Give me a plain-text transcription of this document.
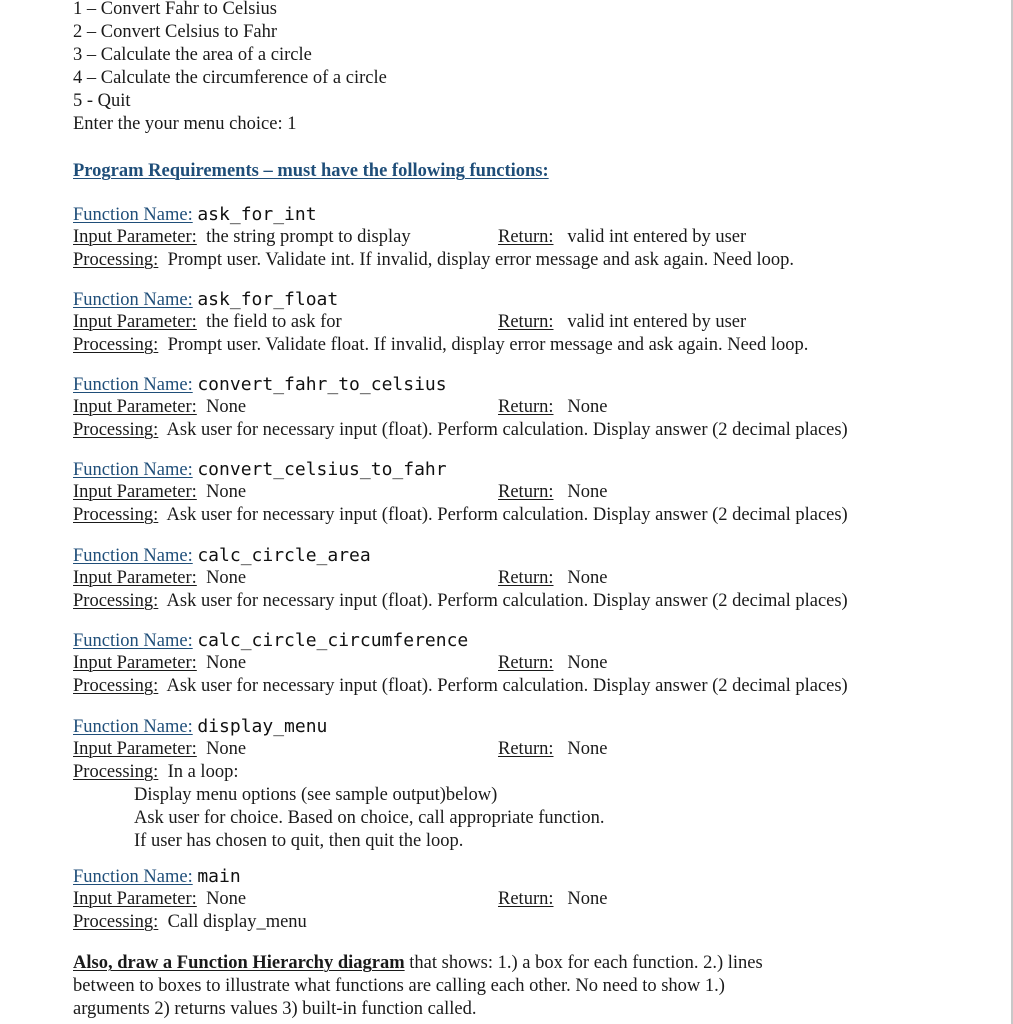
1 – Convert Fahr to Celsius
2 – Convert Celsius to Fahr
3 – Calculate the area of a circle
4 – Calculate the circumference of a circle
5 - Quit
Enter the your menu choice: 1
Program Requirements – must have the following functions:
Function Name: ask_for_int
Input Parameter: the string prompt to display	Return: valid int entered by user
Processing: Prompt user. Validate int. If invalid, display error message and ask again. Need loop.
Function Name: ask_for_float
Input Parameter: the field to ask for	Return: valid int entered by user
Processing: Prompt user. Validate float. If invalid, display error message and ask again. Need loop.
Function Name: convert_fahr_to_celsius
Input Parameter: None	Return: None
Processing: Ask user for necessary input (float). Perform calculation. Display answer (2 decimal places)
Function Name: convert_celsius_to_fahr
Input Parameter: None	Return: None
Processing: Ask user for necessary input (float). Perform calculation. Display answer (2 decimal places)
Function Name: calc_circle_area
Input Parameter: None	Return: None
Processing: Ask user for necessary input (float). Perform calculation. Display answer (2 decimal places)
Function Name: calc_circle_circumference
Input Parameter: None	Return: None
Processing: Ask user for necessary input (float). Perform calculation. Display answer (2 decimal places)
Function Name: display_menu
Input Parameter: None	Return: None
Processing: In a loop:
Display menu options (see sample output)below)
Ask user for choice. Based on choice, call appropriate function.
If user has chosen to quit, then quit the loop.
Function Name: main
Input Parameter: None	Return: None
Processing: Call display_menu
Also, draw a Function Hierarchy diagram that shows: 1.) a box for each function. 2.) lines
between to boxes to illustrate what functions are calling each other. No need to show 1.)
arguments 2) returns values 3) built-in function called.
